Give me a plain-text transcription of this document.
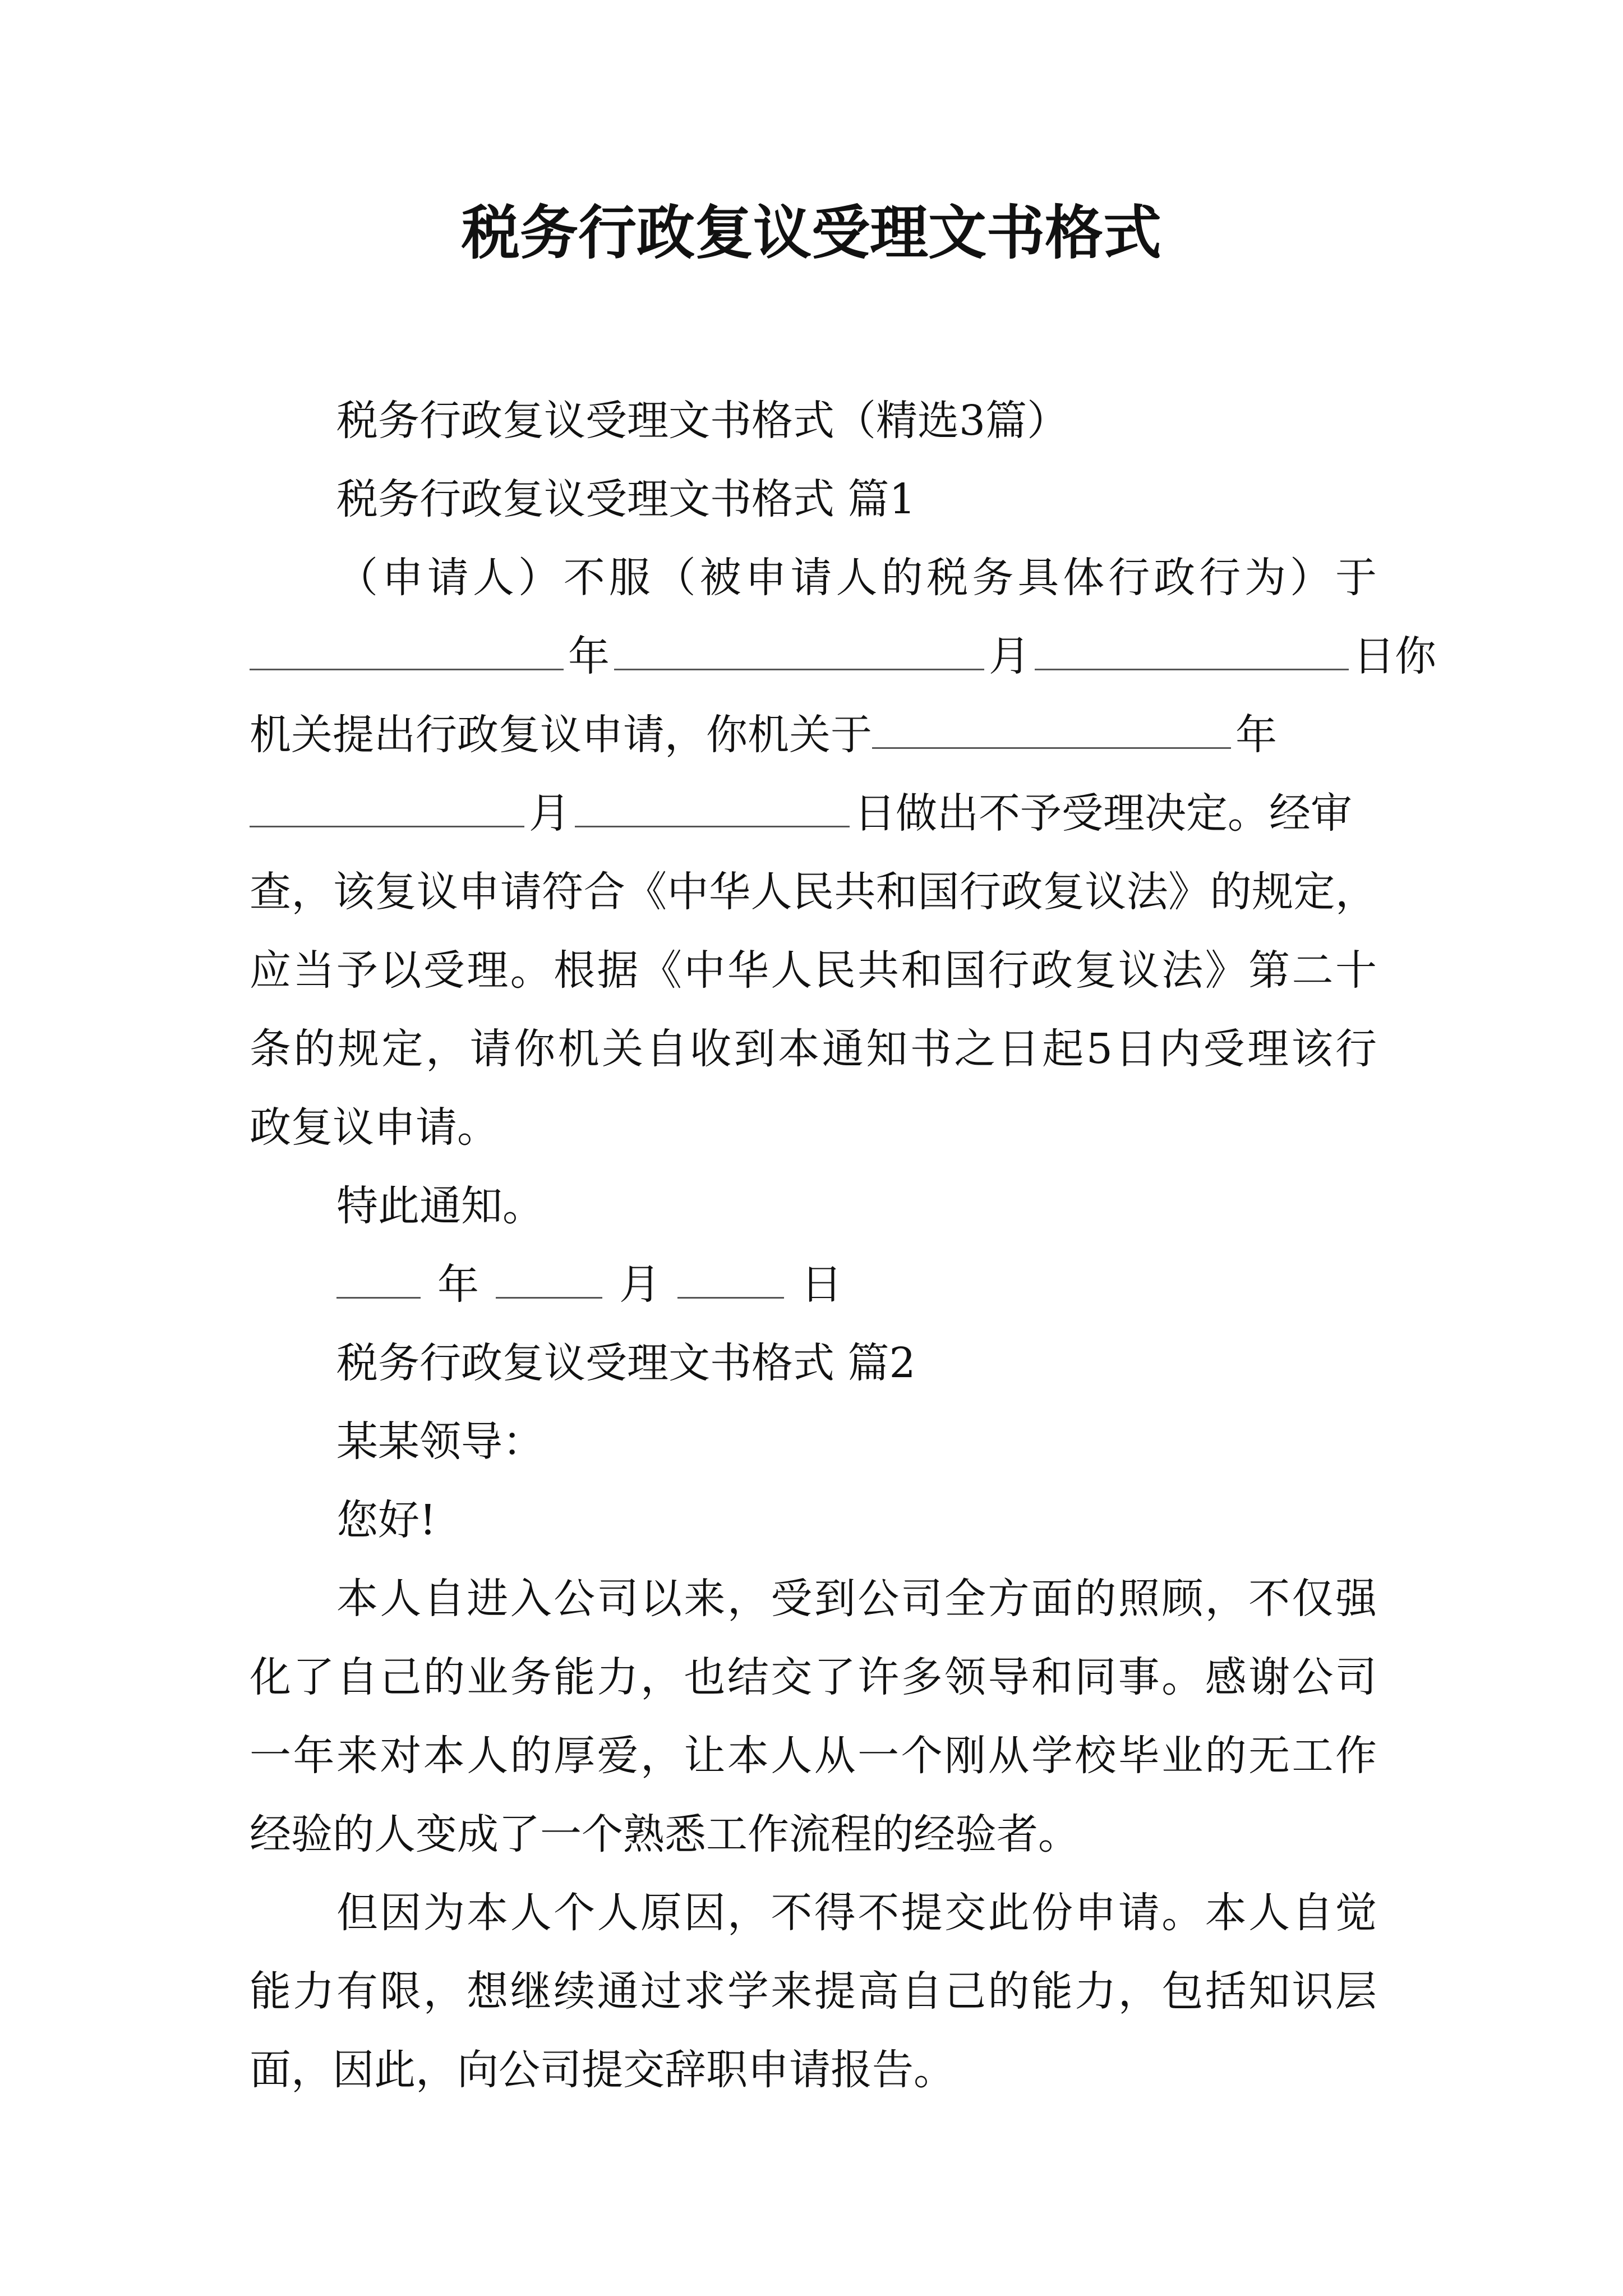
税务行政复议受理文书格式
税务行政复议受理文书格式（精选3篇）
税务行政复议受理文书格式 篇1
（申请人）不服（被申请人的税务具体行政行为）于
年	月	日你
机关提出行政复议申请，你机关于	年
月	日做出不予受理决定。经审
查，该复议申请符合《中华人民共和国行政复议法》的规定，
应当予以受理。根据《中华人民共和国行政复议法》第二十
条的规定，请你机关自收到本通知书之日起5日内受理该行
政复议申请。
特此通知。
年	月	日
税务行政复议受理文书格式 篇2
某某领导：
您好!
本人自进入公司以来，受到公司全方面的照顾，不仅强
化了自己的业务能力，也结交了许多领导和同事。感谢公司
一年来对本人的厚爱，让本人从一个刚从学校毕业的无工作
经验的人变成了一个熟悉工作流程的经验者。
但因为本人个人原因，不得不提交此份申请。本人自觉
能力有限，想继续通过求学来提高自己的能力，包括知识层
面，因此，向公司提交辞职申请报告。
